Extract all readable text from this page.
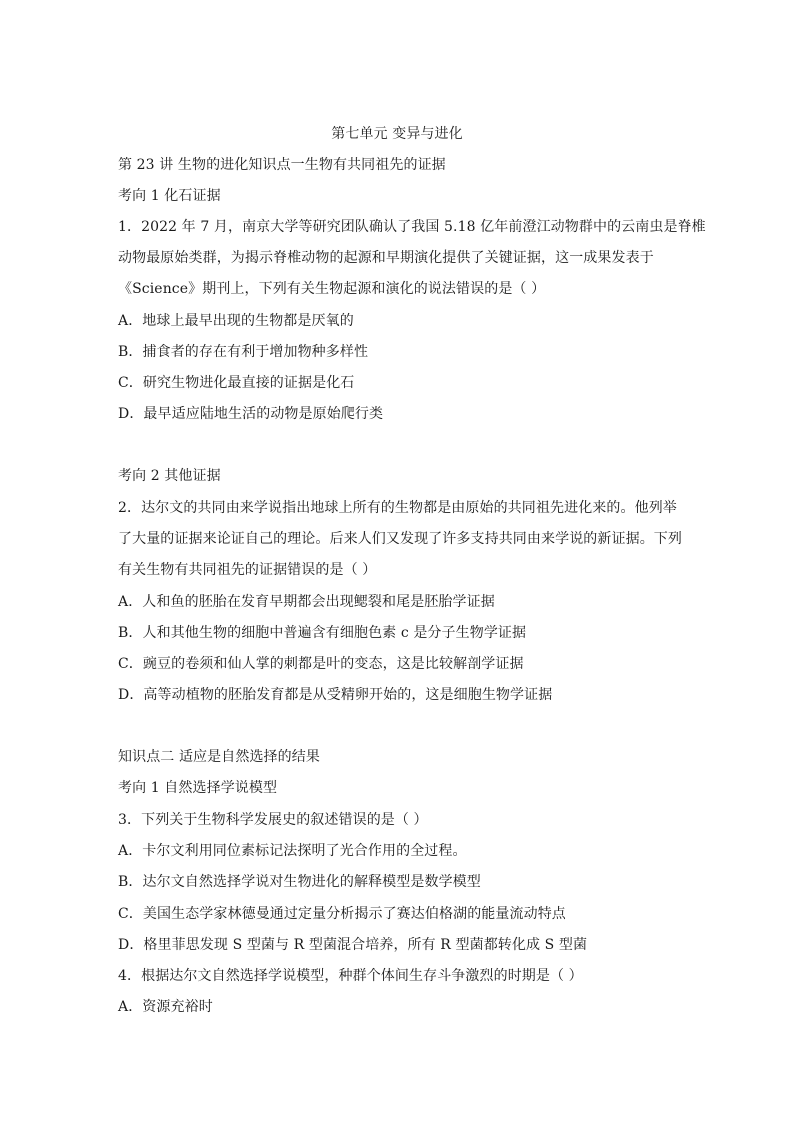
第七单元 变异与进化
第 23 讲 生物的进化知识点一生物有共同祖先的证据
考向 1 化石证据
1．2022 年 7 月，南京大学等研究团队确认了我国 5.18 亿年前澄江动物群中的云南虫是脊椎
动物最原始类群，为揭示脊椎动物的起源和早期演化提供了关键证据，这一成果发表于
《Science》期刊上，下列有关生物起源和演化的说法错误的是（ ）
A．地球上最早出现的生物都是厌氧的
B．捕食者的存在有利于增加物种多样性
C．研究生物进化最直接的证据是化石
D．最早适应陆地生活的动物是原始爬行类
考向 2 其他证据
2．达尔文的共同由来学说指出地球上所有的生物都是由原始的共同祖先进化来的。他列举
了大量的证据来论证自己的理论。后来人们又发现了许多支持共同由来学说的新证据。下列
有关生物有共同祖先的证据错误的是（ ）
A．人和鱼的胚胎在发育早期都会出现鳃裂和尾是胚胎学证据
B．人和其他生物的细胞中普遍含有细胞色素 c 是分子生物学证据
C．豌豆的卷须和仙人掌的刺都是叶的变态，这是比较解剖学证据
D．高等动植物的胚胎发育都是从受精卵开始的，这是细胞生物学证据
知识点二 适应是自然选择的结果
考向 1 自然选择学说模型
3．下列关于生物科学发展史的叙述错误的是（ ）
A．卡尔文利用同位素标记法探明了光合作用的全过程。
B．达尔文自然选择学说对生物进化的解释模型是数学模型
C．美国生态学家林德曼通过定量分析揭示了赛达伯格湖的能量流动特点
D．格里菲思发现 S 型菌与 R 型菌混合培养，所有 R 型菌都转化成 S 型菌
4．根据达尔文自然选择学说模型，种群个体间生存斗争激烈的时期是（ ）
A．资源充裕时
